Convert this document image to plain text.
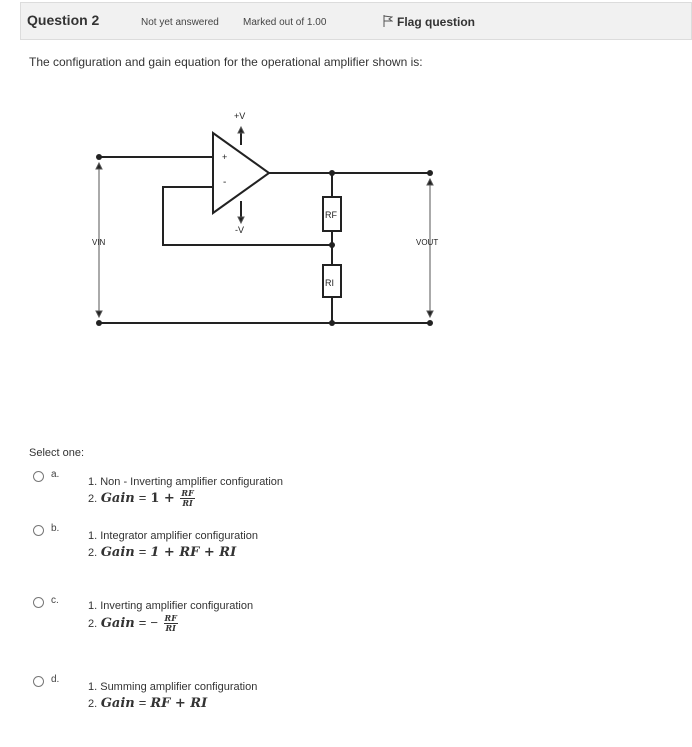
Question 2	Not yet answered Marked out of 1.00	Flag question
The configuration and gain equation for the operational amplifier shown is:
+V
-V
+
-
VIN	VOUT
RF
RI
Select one:
a.
1. Non - Inverting amplifier configuration
2. Gain = $1 + \frac{RF}{RI}$
b.
1. Integrator amplifier configuration
2. Gain = 1 + RF + RI
c.	1. Inverting amplifier configuration
2. Gain = − $\frac{RF}{RI}$
d.
1. Summing amplifier configuration
2. Gain = RF + RI
